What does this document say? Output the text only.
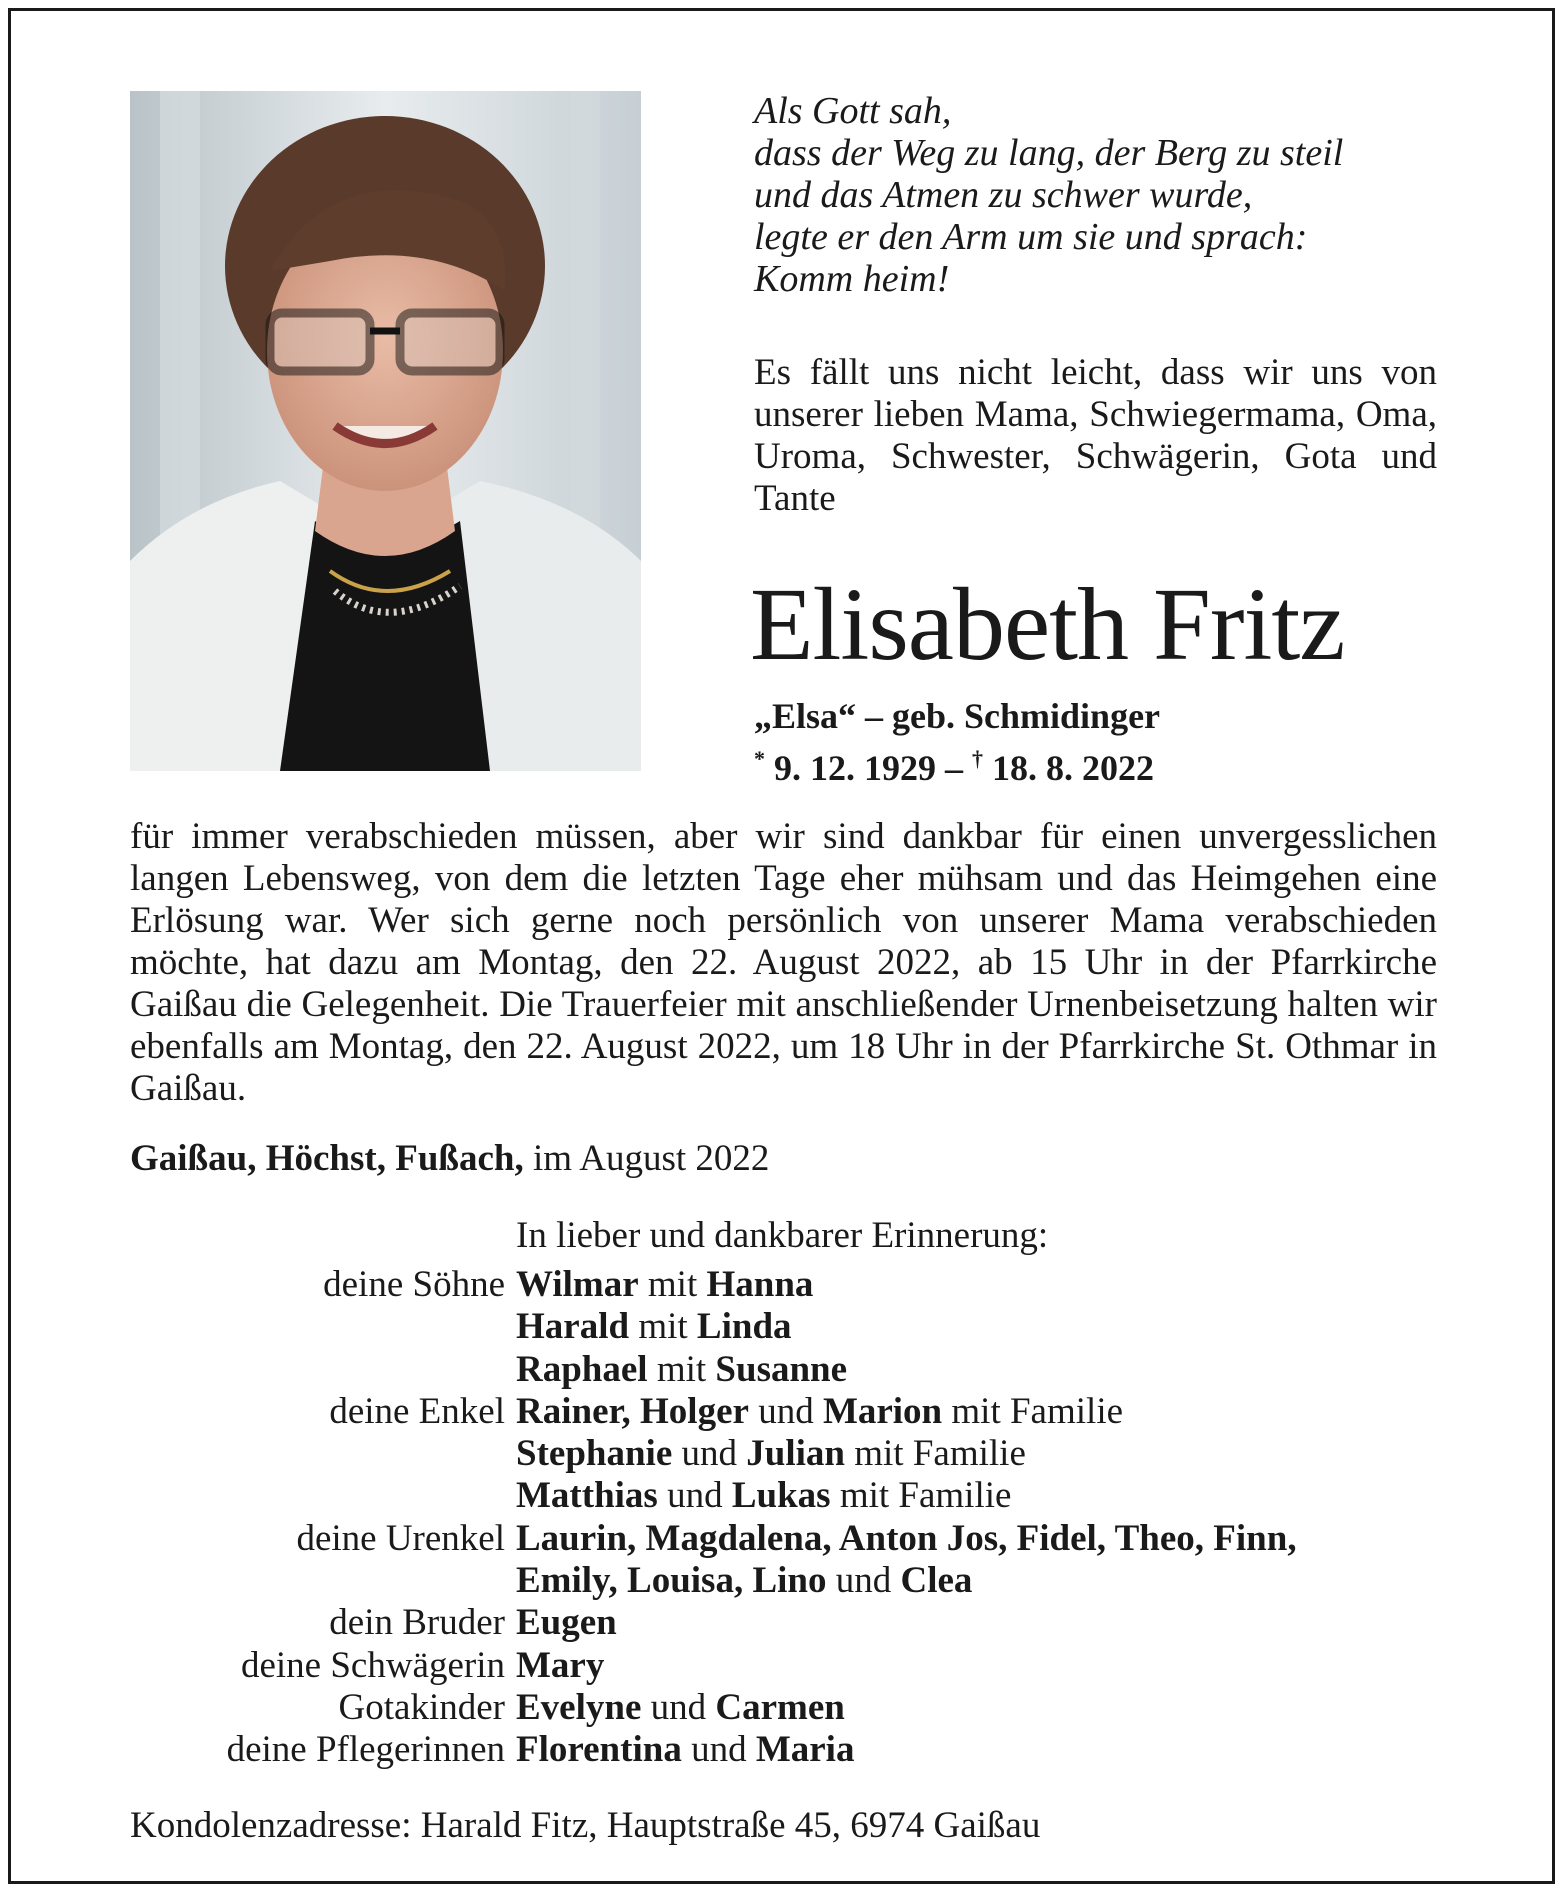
Als Gott sah,
dass der Weg zu lang, der Berg zu steil
und das Atmen zu schwer wurde,
legte er den Arm um sie und sprach:
Komm heim!
Es fällt uns nicht leicht, dass wir uns von unserer lieben Mama, Schwiegermama, Oma, Uroma, Schwester, Schwägerin, Gota und Tante
Elisabeth Fritz
„Elsa“ – geb. Schmidinger
* 9. 12. 1929 – † 18. 8. 2022
für immer verabschieden müssen, aber wir sind dankbar für einen unvergesslichen langen Lebensweg, von dem die letzten Tage eher mühsam und das Heimgehen eine Erlösung war. Wer sich gerne noch persönlich von unserer Mama verabschieden möchte, hat dazu am Montag, den 22. August 2022, ab 15 Uhr in der Pfarrkirche Gaißau die Gelegenheit. Die Trauerfeier mit anschließender Urnenbeisetzung halten wir ebenfalls am Montag, den 22. August 2022, um 18 Uhr in der Pfarrkirche St. Othmar in Gaißau.
Gaißau, Höchst, Fußach, im August 2022
In lieber und dankbarer Erinnerung:
deine Söhne Wilmar mit Hanna
Harald mit Linda
Raphael mit Susanne
deine Enkel Rainer, Holger und Marion mit Familie
Stephanie und Julian mit Familie
Matthias und Lukas mit Familie
deine Urenkel Laurin, Magdalena, Anton Jos, Fidel, Theo, Finn,
Emily, Louisa, Lino und Clea
dein Bruder Eugen
deine Schwägerin Mary
Gotakinder Evelyne und Carmen
deine Pflegerinnen Florentina und Maria
Kondolenzadresse: Harald Fitz, Hauptstraße 45, 6974 Gaißau
